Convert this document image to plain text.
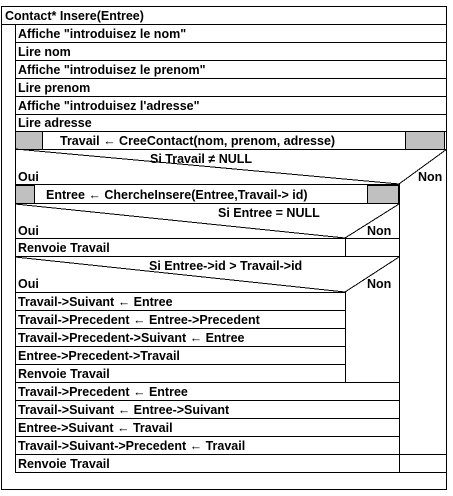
Contact* Insere(Entree)
Affiche "introduisez le nom"
Lire nom
Affiche "introduisez le prenom"
Lire prenom
Affiche "introduisez l'adresse"
Lire adresse
Travail ← CreeContact(nom, prenom, adresse)
Si Travail ≠ NULL
Oui	Non
Entree ← ChercheInsere(Entree,Travail-> id)
Si Entree = NULL
Oui	Non
Renvoie Travail
Si Entree->id > Travail->id
Oui	Non
Travail->Suivant ← Entree
Travail->Precedent ← Entree->Precedent
Travail->Precedent->Suivant ← Entree
Entree->Precedent->Travail
Renvoie Travail
Travail->Precedent ← Entree
Travail->Suivant ← Entree->Suivant
Entree->Suivant ← Travail
Travail->Suivant->Precedent ← Travail
Renvoie Travail
